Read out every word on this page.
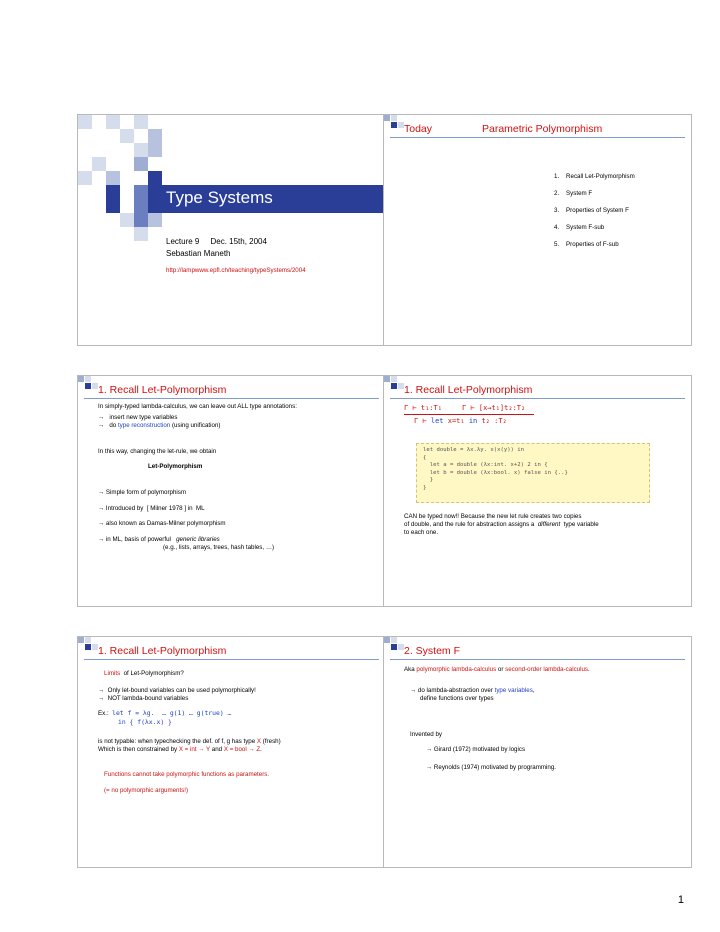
Type Systems
Lecture 9     Dec. 15th, 2004
Sebastian Maneth
http://lampwww.epfl.ch/teaching/typeSystems/2004
Today	Parametric Polymorphism
1.    Recall Let-Polymorphism
2.    System F
3.    Properties of System F
4.    System F-sub
5.    Properties of F-sub
1. Recall Let-Polymorphism
In simply-typed lambda-calculus, we can leave out ALL type annotations:
→   insert new type variables
→   do type reconstruction (using unification)
In this way, changing the let-rule, we obtain
Let-Polymorphism
→ Simple form of polymorphism
→ Introduced by  [ Milner 1978 ] in  ML
→ also known as Damas-Milner polymorphism
→ in ML, basis of powerful   generic libraries
(e.g., lists, arrays, trees, hash tables, …)
1. Recall Let-Polymorphism
Γ ⊢ t₁:T₁	Γ ⊢ [x→t₁]t₂:T₂
Γ ⊢ let x=t₁ in t₂ :T₂
let double = λx.λy. x(x(y)) in
{
let a = double (λx:int. x+2) 2 in {
let b = double (λx:bool. x) false in {..}
}
}
CAN be typed now!! Because the new let rule creates two copies
of double, and the rule for abstraction assigns a  different  type variable
to each one.
1. Recall Let-Polymorphism
Limits  of Let-Polymorphism?
→  Only let-bound variables can be used polymorphically!
→  NOT lambda-bound variables
Ex.:  let f = λg.  … g(1) … g(true) …
in { f(λx.x) }
is not typable: when typechecking the def. of f, g has type X (fresh)
Which is then constrained by X = int → Y and X = bool → Z.
Functions cannot take polymorphic functions as parameters.
(= no polymorphic arguments!)
2. System F
Aka polymorphic lambda-calculus or second-order lambda-calculus.
→ do lambda-abstraction over type variables,
define functions over types
Invented by
→ Girard (1972) motivated by logics
→ Reynolds (1974) motivated by programming.
1
